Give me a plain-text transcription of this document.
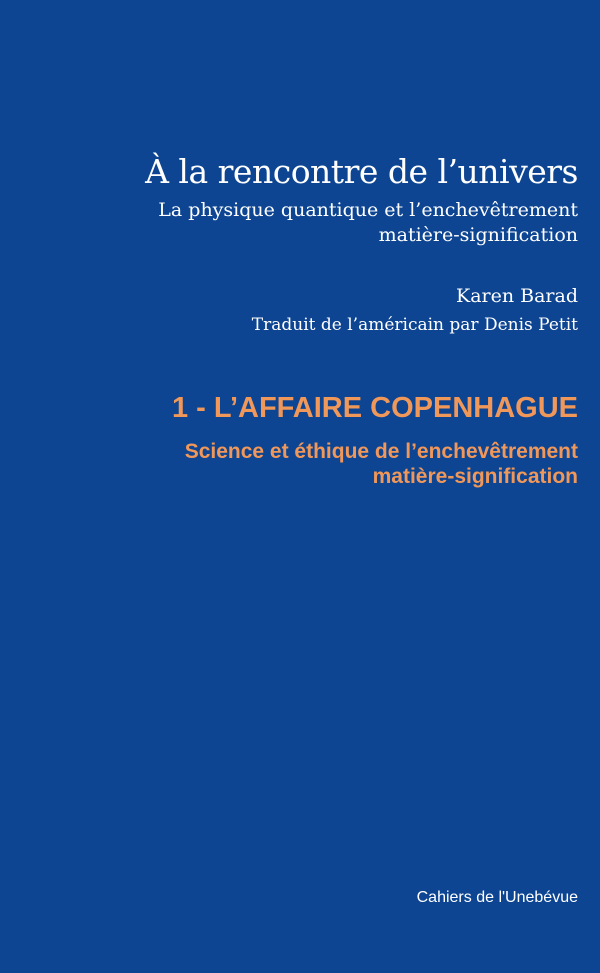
À la rencontre de l’univers
La physique quantique et l’enchevêtrement
matière-signification
Karen Barad
Traduit de l’américain par Denis Petit
1 - L’AFFAIRE COPENHAGUE
Science et éthique de l’enchevêtrement
matière-signification
Cahiers de l'Unebévue
